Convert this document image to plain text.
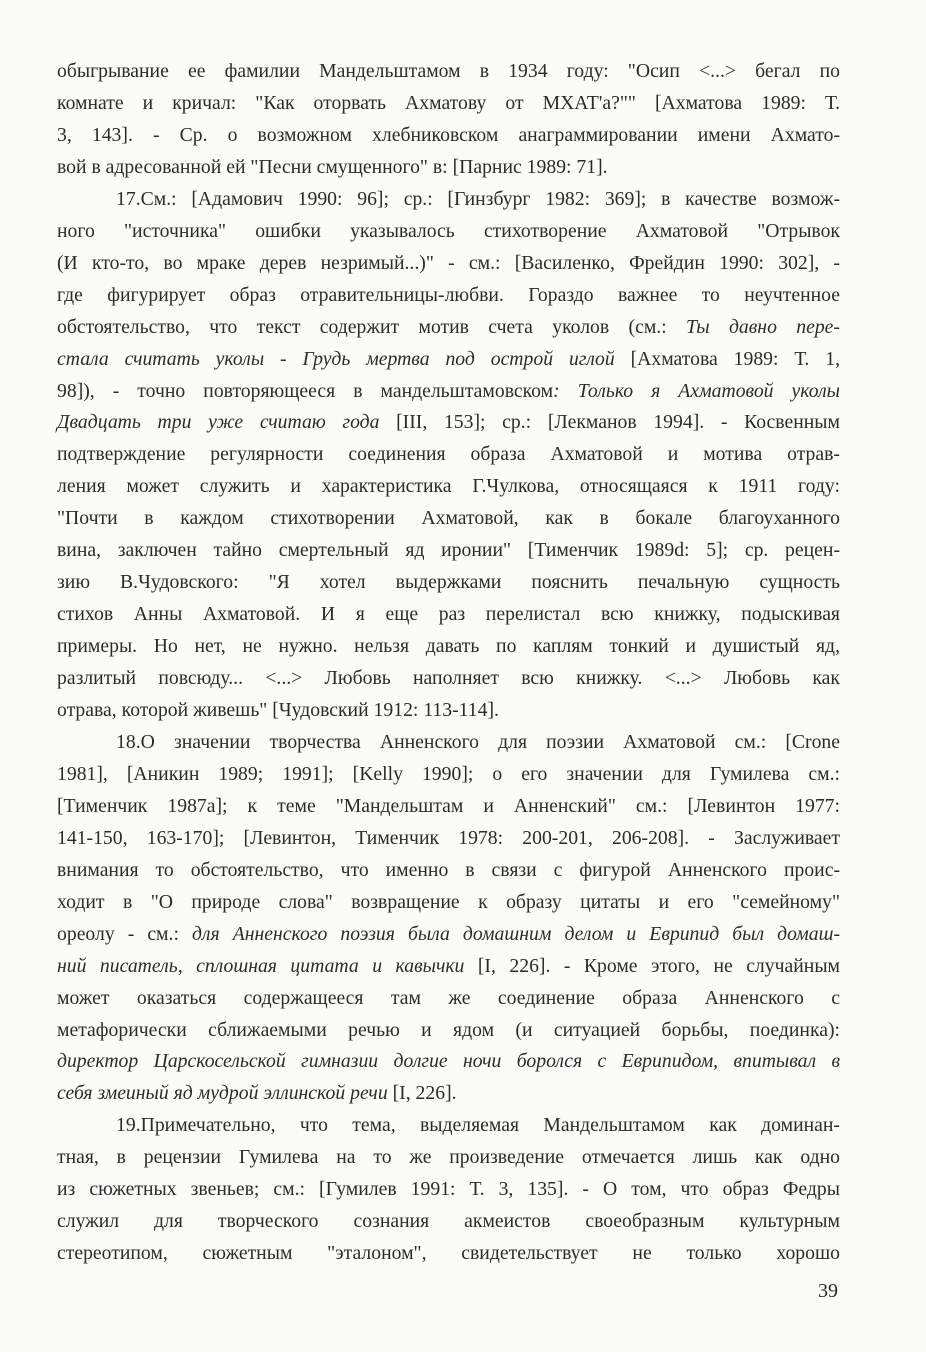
обыгрывание ее фамилии Мандельштамом в 1934 году: "Осип <...> бегал по
комнате и кричал: "Как оторвать Ахматову от МХАТ'а?"" [Ахматова 1989: Т.
3, 143]. - Ср. о возможном хлебниковском анаграммировании имени Ахмато-
вой в адресованной ей "Песни смущенного" в: [Парнис 1989: 71].
17.См.: [Адамович 1990: 96]; ср.: [Гинзбург 1982: 369]; в качестве возмож-
ного "источника" ошибки указывалось стихотворение Ахматовой "Отрывок
(И кто-то, во мраке дерев незримый...)" - см.: [Василенко, Фрейдин 1990: 302], -
где фигурирует образ отравительницы-любви. Гораздо важнее то неучтенное
обстоятельство, что текст содержит мотив счета уколов (см.: Ты давно пере-
стала считать уколы - Грудь мертва под острой иглой [Ахматова 1989: Т. 1,
98]), - точно повторяющееся в мандельштамовском: Только я Ахматовой уколы
Двадцать три уже считаю года [III, 153]; ср.: [Лекманов 1994]. - Косвенным
подтверждение регулярности соединения образа Ахматовой и мотива отрав-
ления может служить и характеристика Г.Чулкова, относящаяся к 1911 году:
"Почти в каждом стихотворении Ахматовой, как в бокале благоуханного
вина, заключен тайно смертельный яд иронии" [Тименчик 1989d: 5]; ср. рецен-
зию В.Чудовского: "Я хотел выдержками пояснить печальную сущность
стихов Анны Ахматовой. И я еще раз перелистал всю книжку, подыскивая
примеры. Но нет, не нужно. нельзя давать по каплям тонкий и душистый яд,
разлитый повсюду... <...> Любовь наполняет всю книжку. <...> Любовь как
отрава, которой живешь" [Чудовский 1912: 113-114].
18.О значении творчества Анненского для поэзии Ахматовой см.: [Crone
1981], [Аникин 1989; 1991]; [Kelly 1990]; о его значении для Гумилева см.:
[Тименчик 1987a]; к теме "Мандельштам и Анненский" см.: [Левинтон 1977:
141-150, 163-170]; [Левинтон, Тименчик 1978: 200-201, 206-208]. - Заслуживает
внимания то обстоятельство, что именно в связи с фигурой Анненского проис-
ходит в "О природе слова" возвращение к образу цитаты и его "семейному"
ореолу - см.: для Анненского поэзия была домашним делом и Еврипид был домаш-
ний писатель, сплошная цитата и кавычки [I, 226]. - Кроме этого, не случайным
может оказаться содержащееся там же соединение образа Анненского с
метафорически сближаемыми речью и ядом (и ситуацией борьбы, поединка):
директор Царскосельской гимназии долгие ночи боролся с Еврипидом, впитывал в
себя змеиный яд мудрой эллинской речи [I, 226].
19.Примечательно, что тема, выделяемая Мандельштамом как доминан-
тная, в рецензии Гумилева на то же произведение отмечается лишь как одно
из сюжетных звеньев; см.: [Гумилев 1991: Т. 3, 135]. - О том, что образ Федры
служил для творческого сознания акмеистов своеобразным культурным
стереотипом, сюжетным "эталоном", свидетельствует не только хорошо
39
